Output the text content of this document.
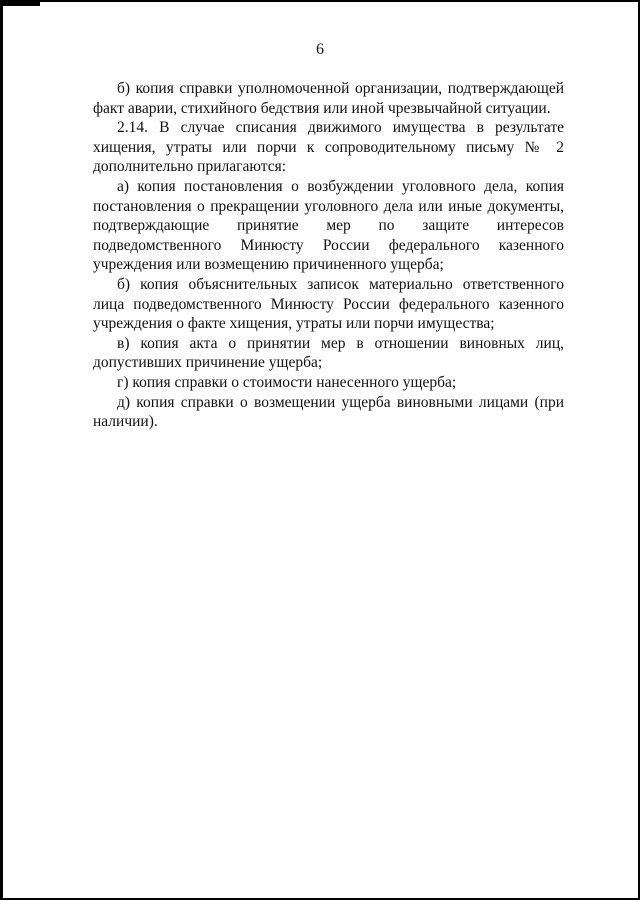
6

б) копия справки уполномоченной организации, подтверждающей факт аварии, стихийного бедствия или иной чрезвычайной ситуации.

2.14. В случае списания движимого имущества в результате хищения, утраты или порчи к сопроводительному письму № 2 дополнительно прилагаются:

а) копия постановления о возбуждении уголовного дела, копия постановления о прекращении уголовного дела или иные документы, подтверждающие принятие мер по защите интересов подведомственного Минюсту России федерального казенного учреждения или возмещению причиненного ущерба;

б) копия объяснительных записок материально ответственного лица подведомственного Минюсту России федерального казенного учреждения о факте хищения, утраты или порчи имущества;

в) копия акта о принятии мер в отношении виновных лиц, допустивших причинение ущерба;

г) копия справки о стоимости нанесенного ущерба;

д) копия справки о возмещении ущерба виновными лицами (при наличии).
